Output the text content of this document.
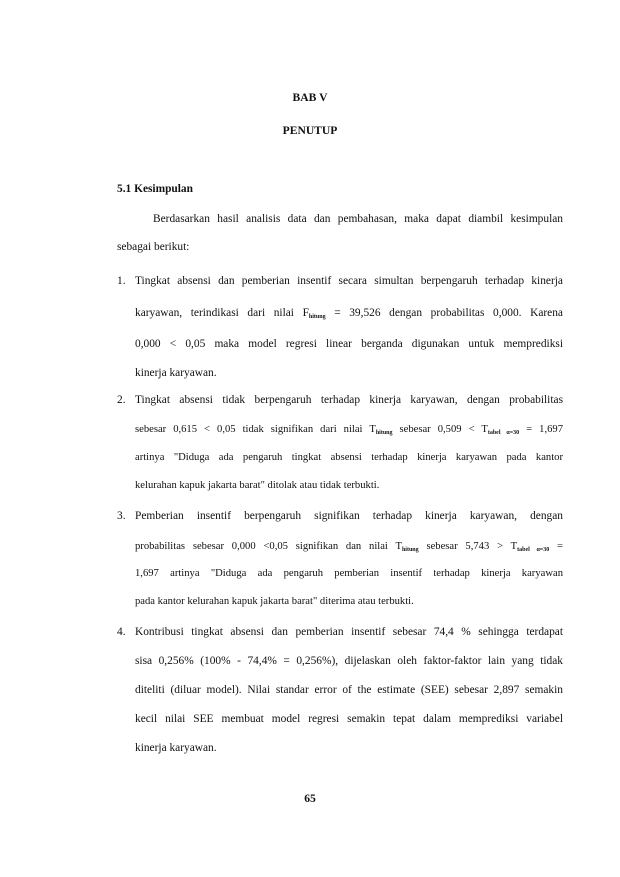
BAB V
PENUTUP
5.1 Kesimpulan
Berdasarkan hasil analisis data dan pembahasan, maka dapat diambil kesimpulan
sebagai berikut:
1. Tingkat absensi dan pemberian insentif secara simultan berpengaruh terhadap kinerja
karyawan, terindikasi dari nilai $F_{hitung} = 39,526$ dengan probabilitas 0,000. Karena
0,000 < 0,05 maka model regresi linear berganda digunakan untuk memprediksi
kinerja karyawan.
2. Tingkat absensi tidak berpengaruh terhadap kinerja karyawan, dengan probabilitas
sebesar 0,615 < 0,05 tidak signifikan dari nilai $T_{hitung}$ sebesar $0,509 < T_{tabel \alpha=30} = 1,697$
artinya "Diduga ada pengaruh tingkat absensi terhadap kinerja karyawan pada kantor
kelurahan kapuk jakarta barat" ditolak atau tidak terbukti.
3. Pemberian insentif berpengaruh signifikan terhadap kinerja karyawan, dengan
probabilitas sebesar 0,000 <0,05 signifikan dan nilai $T_{hitung}$ sebesar $5,743 > T_{tabel \alpha=30}$ =
1,697 artinya "Diduga ada pengaruh pemberian insentif terhadap kinerja karyawan
pada kantor kelurahan kapuk jakarta barat" diterima atau terbukti.
4. Kontribusi tingkat absensi dan pemberian insentif sebesar 74,4 % sehingga terdapat
sisa 0,256% (100% - 74,4% = 0,256%), dijelaskan oleh faktor-faktor lain yang tidak
diteliti (diluar model). Nilai standar error of the estimate (SEE) sebesar 2,897 semakin
kecil nilai SEE membuat model regresi semakin tepat dalam memprediksi variabel
kinerja karyawan.
65
